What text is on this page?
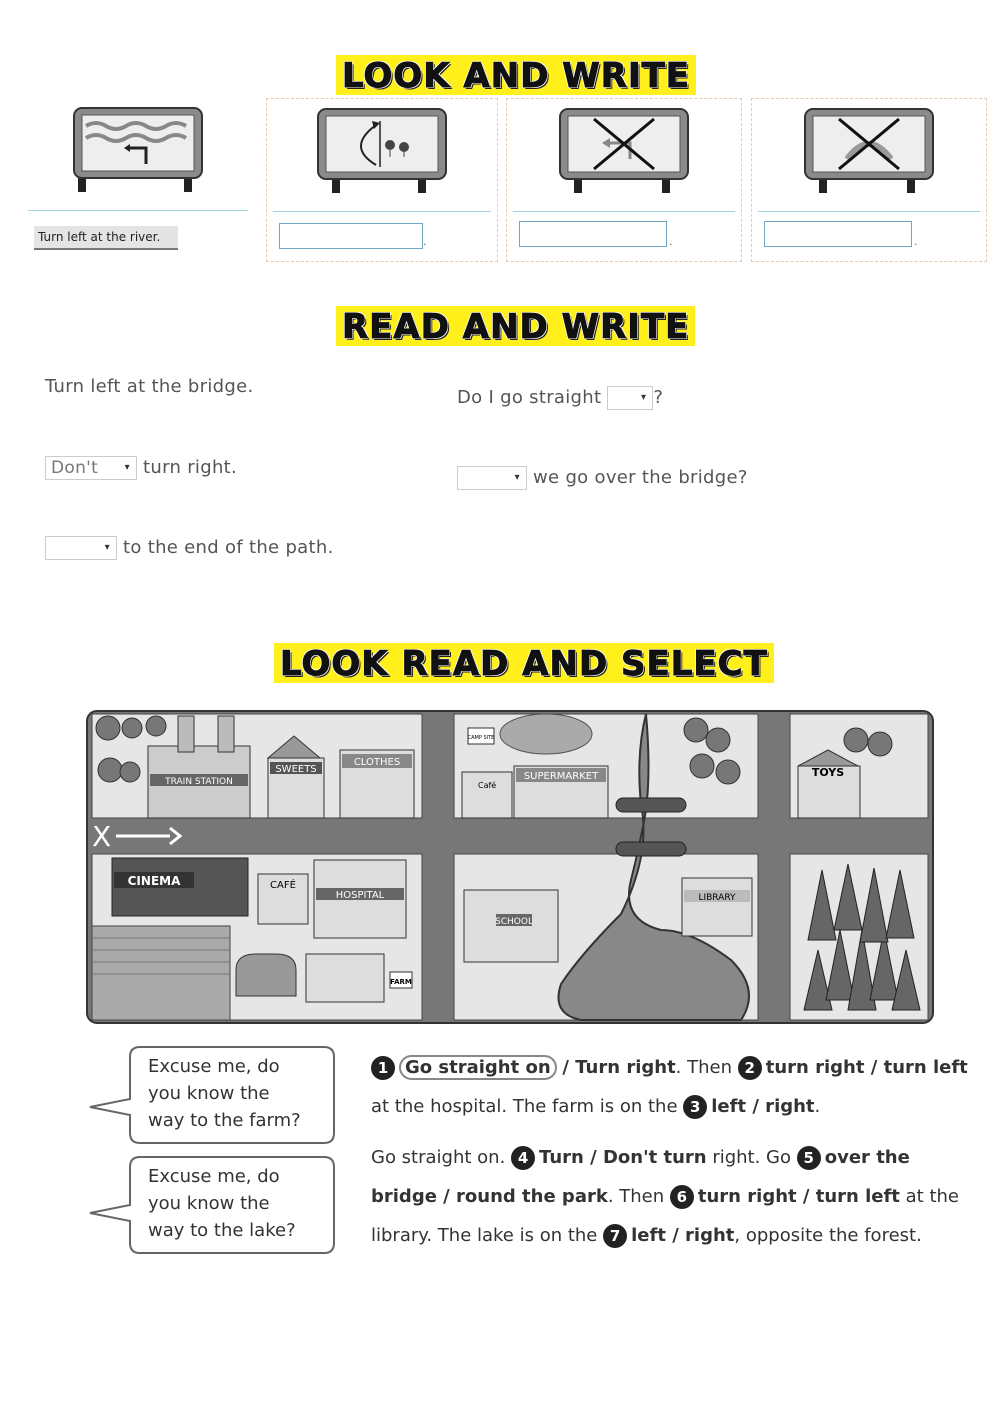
LOOK AND WRITE
READ AND WRITE
LOOK READ AND SELECT
Turn left at the river.	.	.	.
Turn left at the bridge.
Don't	▾ turn right.
▾ to the end of the path.
Do I go straight	▾ ?
▾ we go over the bridge?
TRAIN STATION
SWEETS
CLOTHES
CAMP SITE
Café
SUPERMARKET	TOYS
X
CINEMA	CAFÉ
HOSPITAL
FARM
SCHOOL
LIBRARY
Excuse me, do
you know the
way to the farm?
Excuse me, do
you know the
way to the lake?
1 Go straight on / Turn right. Then 2 turn right / turn left
at the hospital. The farm is on the 3 left / right.
Go straight on. 4 Turn / Don't turn right. Go 5 over the
bridge / round the park. Then 6 turn right / turn left at the
library. The lake is on the 7 left / right, opposite the forest.
